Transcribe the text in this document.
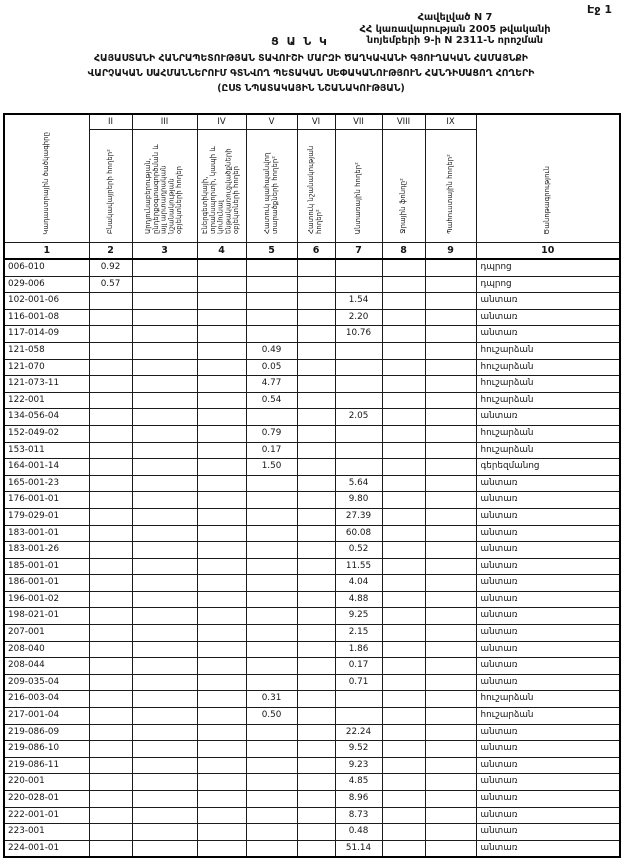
Էջ 1
Հավելված N 7
ՀՀ կառավարության 2005 թվականի
նոյեմբերի 9-ի N 2311-Ն որոշման
Ց Ա Ն Կ
ՀԱՅԱՍՏԱՆԻ ՀԱՆՐԱՊԵՏՈՒԹՅԱՆ ՏԱՎՈՒՇԻ ՄԱՐԶԻ ԾԱՂԿԱՎԱՆԻ ԳՅՈՒՂԱԿԱՆ ՀԱՄԱՅՆՔԻ
ՎԱՐՉԱԿԱՆ ՍԱՀՄԱՆՆԵՐՈՒՄ ԳՏՆՎՈՂ ՊԵՏԱԿԱՆ ՍԵՓԱԿԱՆՈՒԹՅՈՒՆ ՀԱՆԴԻՍԱՑՈՂ ՀՈՂԵՐԻ
(ԸՍՏ ՆՊԱՏԱԿԱՅԻՆ ՆՇԱՆԱԿՈՒԹՅԱՆ)
Կադաստրային ծածկագիրը	II	III	IV	V	VI	VII	VIII	IX	Ծանոթագրություն
	Բնակավայրերի հողեր²	Արդյունաբերության, ընդերքօգտագործման և այլ արտադրական նշանակության օբյեկտների հողեր	Էներգետիկայի, տրանսպորտի, կապի և կոմունալ ենթակառուցվածքների օբյեկտների հողեր	Հատուկ պահպանվող տարածքների հողեր²	Հատուկ նշանակության հողեր²	Անտառային հողեր²	Ջրային ֆոնդը²	Պահուստային հողեր²	
1	2	3	4	5	6	7	8	9	10
006-010	0.92								դպրոց
029-006	0.57								դպրոց
102-001-06						1.54			անտառ
116-001-08						2.20			անտառ
117-014-09						10.76			անտառ
121-058				0.49					հուշարձան
121-070				0.05					հուշարձան
121-073-11				4.77					հուշարձան
122-001				0.54					հուշարձան
134-056-04						2.05			անտառ
152-049-02				0.79					հուշարձան
153-011				0.17					հուշարձան
164-001-14				1.50					գերեզմանոց
165-001-23						5.64			անտառ
176-001-01						9.80			անտառ
179-029-01						27.39			անտառ
183-001-01						60.08			անտառ
183-001-26						0.52			անտառ
185-001-01						11.55			անտառ
186-001-01						4.04			անտառ
196-001-02						4.88			անտառ
198-021-01						9.25			անտառ
207-001						2.15			անտառ
208-040						1.86			անտառ
208-044						0.17			անտառ
209-035-04						0.71			անտառ
216-003-04				0.31					հուշարձան
217-001-04				0.50					հուշարձան
219-086-09						22.24			անտառ
219-086-10						9.52			անտառ
219-086-11						9.23			անտառ
220-001						4.85			անտառ
220-028-01						8.96			անտառ
222-001-01						8.73			անտառ
223-001						0.48			անտառ
224-001-01						51.14			անտառ
